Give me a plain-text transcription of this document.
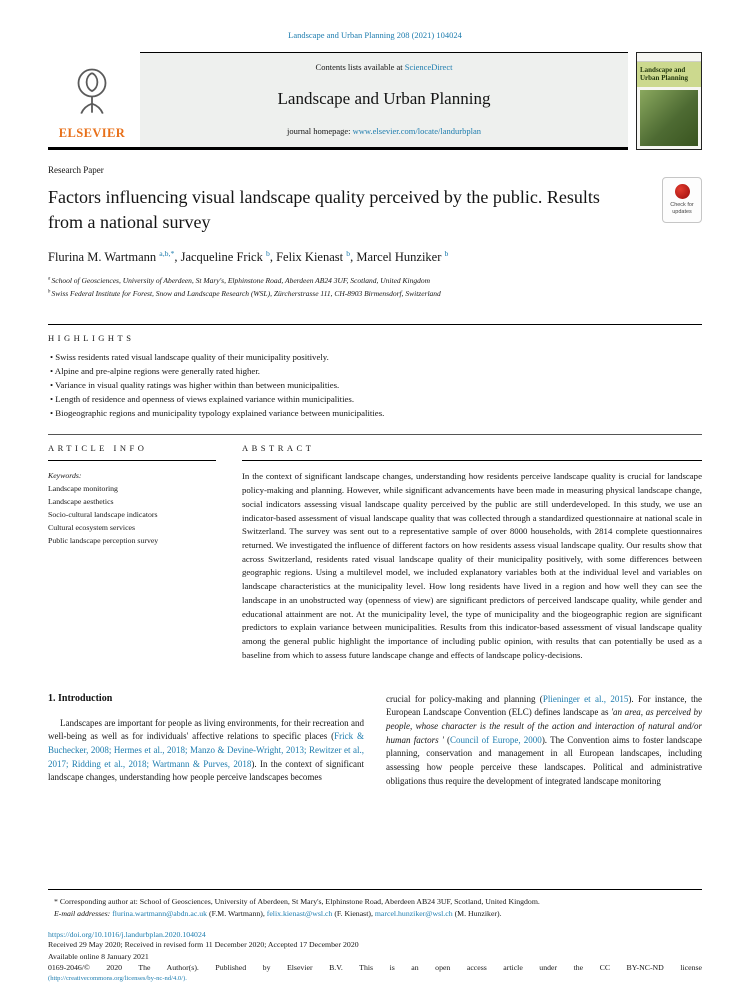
Landscape and Urban Planning 208 (2021) 104024
ELSEVIER
Contents lists available at ScienceDirect
Landscape and Urban Planning
journal homepage: www.elsevier.com/locate/landurbplan
Landscape and Urban Planning
Research Paper
Factors influencing visual landscape quality perceived by the public. Results from a national survey
Flurina M. Wartmann $^{a,b,*}$, Jacqueline Frick $^b$, Felix Kienast $^b$, Marcel Hunziker $^b$
$^a$ School of Geosciences, University of Aberdeen, St Mary's, Elphinstone Road, Aberdeen AB24 3UF, Scotland, United Kingdom
$^b$ Swiss Federal Institute for Forest, Snow and Landscape Research (WSL), Zürcherstrasse 111, CH-8903 Birmensdorf, Switzerland
Check for updates
HIGHLIGHTS
• Swiss residents rated visual landscape quality of their municipality positively.
• Alpine and pre-alpine regions were generally rated higher.
• Variance in visual quality ratings was higher within than between municipalities.
• Length of residence and openness of views explained variance within municipalities.
• Biogeographic regions and municipality typology explained variance between municipalities.
ARTICLE INFO
Keywords:
Landscape monitoring
Landscape aesthetics
Socio-cultural landscape indicators
Cultural ecosystem services
Public landscape perception survey
ABSTRACT
In the context of significant landscape changes, understanding how residents perceive landscape quality is crucial for landscape policy-making and planning. However, while significant advancements have been made in measuring physical landscape change, social indicators assessing visual landscape quality perceived by the public are still underdeveloped. In this study, we use an indicator-based assessment of visual landscape quality that was collected through a standardized questionnaire at national scale in Switzerland. The survey was sent out to a representative sample of over 8000 households, with 2814 complete questionnaires returned. We investigated the influence of different factors on how residents assess visual landscape quality. Our results show that across Switzerland, residents rated visual landscape quality of their municipality positively, with some differences between geographic regions. Using a multilevel model, we included explanatory variables both at the individual level and variables on landscape characteristics at the municipality level. How long residents have lived in a region and how well they can see the landscape in an unobstructed way (openness of view) are significant predictors of perceived landscape quality, while gender and educational attainment are not. At the municipality level, the type of municipality and the biogeographic region are significant predictors to explain variance between municipalities. Results from this indicator-based assessment of visual landscape quality among the general public highlight the importance of including public opinion, with results that can potentially be used as a baseline from which to assess future landscape change and effects of landscape policy-decisions.
1. Introduction
Landscapes are important for people as living environments, for their recreation and well-being as well as for individuals' affective relations to specific places (Frick & Buchecker, 2008; Hermes et al., 2018; Manzo & Devine-Wright, 2013; Rewitzer et al., 2017; Ridding et al., 2018; Wartmann & Purves, 2018). In the context of significant landscape changes, understanding how people perceive landscapes becomes
crucial for policy-making and planning (Plieninger et al., 2015). For instance, the European Landscape Convention (ELC) defines landscape as 'an area, as perceived by people, whose character is the result of the action and interaction of natural and/or human factors ' (Council of Europe, 2000). The Convention aims to foster landscape planning, conservation and management in all European landscapes, including assessing how people perceive these landscapes. Political and administrative obligations thus require the development of integrated landscape monitoring
* Corresponding author at: School of Geosciences, University of Aberdeen, St Mary's, Elphinstone Road, Aberdeen AB24 3UF, Scotland, United Kingdom.
E-mail addresses: flurina.wartmann@abdn.ac.uk (F.M. Wartmann), felix.kienast@wsl.ch (F. Kienast), marcel.hunziker@wsl.ch (M. Hunziker).
https://doi.org/10.1016/j.landurbplan.2020.104024
Received 29 May 2020; Received in revised form 11 December 2020; Accepted 17 December 2020
Available online 8 January 2021
0169-2046/© 2020 The Author(s). Published by Elsevier B.V. This is an open access article under the CC BY-NC-ND license
(http://creativecommons.org/licenses/by-nc-nd/4.0/).
